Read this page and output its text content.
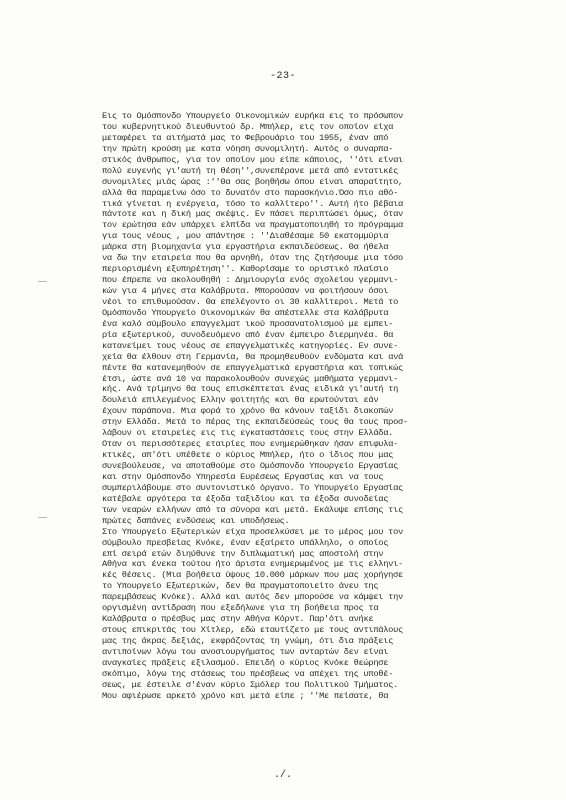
-23-
Εις το Ομόσπονδο Υπουργείο Οικονομικών ευρήκα εις το πρόσωπον
του κυβερνητικού διευθυντού δρ. Μπήλερ, εις τον οποίον είχα
μεταφέρει τα αιτήματά μας το Φεβρουάριο του 1955, έναν από
την πρώτη κρούση με κατα νόηση συνομιλητή. Αυτός ο συναρπα-
στικός άνθρωπος, για τον οποίον μου είπε κάποιος, ''ότι είναι
πολύ ευγενής γι'αυτή τη θέση'',συνεπέρανε μετά από εντατικές
συνομιλίες μιάς ώρας :''Θα σας βοηθήσω όπου είναι απαραίτητο,
αλλά θα παραμείνω όσο το δυνατόν στο παρασκήνιο.Όσο πιο αθό-
τικά γίνεται η ενέργεια, τόσο το καλλίτερο''. Αυτή ήτο βέβαια
πάντοτε και η δική μας σκέψις. Εν πάσει περιπτώσει όμως, όταν
τον ερώτησα εάν υπάρχει ελπίδα να πραγματοποιηθή το πρόγραμμα
για τους νέους , μου απάντησε : ''Διαθέσαμε 50 εκατομμύρια
μάρκα στη βιομηχανία για εργαστήρια εκπαιδεύσεως. Θα ήθελα
να δω την εταιρεία που θα αρνηθή, όταν της ζητήσουμε μια τόσο
περιορισμένη εξυπηρέτηση''. Καθορίσαμε το οριστικό πλαίσιο
που έπρεπε να ακολουθηθή : Δημιουργία ενός σχολείου γερμανι-
κών για 4 μήνες στα Καλάβρυτα. Μπορούσαν να φοιτήσουν όσοι
νέοι το επιθυμούσαν. Θα επελέγοντο οι 30 καλλίτεροι. Μετά το
Ομόσπονδο Υπουργείο Οικονομικών θα απέστελλε στα Καλάβρυτα
ένα καλό σύμβουλο επαγγελματ ικού προσανατολισμού με εμπει-
ρία εξωτερικού, συνοδευόμενο από έναν έμπειρο διερμηνέα. θα
κατανείμει τους νέους σε επαγγελματικές κατηγορίες. Εν συνε-
χεία θα έλθουν στη Γερμανία, θα προμηθευθούν ενδύματα και ανά
πέντε θα κατανεμηθούν σε επαγγελματικά εργαστήρια και τοπικώς
έτσι, ώστε ανά 10 να παρακολουθούν συνεχώς μαθήματα γερμανι-
κής. Ανά τρίμηνο θα τους επισκέπτεται ένας ειδικά γι'αυτή τη
δουλειά επιλεγμένος Ελλην φοιτητής και θα ερωτούνται εάν
έχουν παράπονα. Μια φορά το χρόνο θα κάνουν ταξίδι διακοπών
στην Ελλάδα. Μετά το πέρας της εκπαιδεύσεώς τους θα τους προσ-
λάβουν οι εταιρείες εις τις εγκαταστάσεις τους στην Ελλάδα.
Οταν οι περισσότερες εταιρίες που ενημερώθηκαν ήσαν επιφυλα-
κτικές, απ'ότι υπέθετε ο κύριος Μπήλερ, ήτο ο ίδιος που μας
συνεβούλευσε, να αποταθούμε στο Ομόσπονδο Υπουργείο Εργασίας
και στην Ομόσπονδο Υπηρεσία Ευρέσεως Εργασίας και να τους
συμπεριλάβουμε στο συντονιστικό όργανο. Το Υπουργείο Εργασίας
κατέβαλε αργότερα τα έξοδα ταξιδίου και τα έξοδα συνοδείας
των νεαρών ελλήνων από τα σύνορα και μετά. Εκάλυψε επίσης τις
πρώτες δαπάνες ενδύσεως και υποδήσεως.
Στο Υπουργείο Εξωτερικών είχα προσελκύσει με το μέρος μου τον
σύμβουλο πρεσβείας Κνόκε, έναν εξαίρετο υπάλληλο, ο οποίος
επί σειρά ετών διηύθυνε την διπλωματική μας αποστολή στην
Αθήνα και ένεκα τούτου ήτο άριστα ενημερωμένος με τις ελληνι-
κές θέσεις. (Μια βοήθεια ύψους 10.000 μάρκων που μας χορήγησε
το Υπουργείο Εξωτερικών, δεν θα πραγματοποιείτο άνευ της
παρεμβάσεως Κνόκε). Αλλά και αυτός δεν μπορούσε να κάμψει την
οργισμένη αντίδραση που εξεδήλωνε για τη βοήθεια προς τα
Καλάβρυτα ο πρέσβυς μας στην Αθήνα Κόρντ. Παρ'ότι ανήκε
στους επικριτάς του Χίτλερ, εδώ εταυτίζετο με τους αντιπάλους
μας της άκρας δεξιάς, εκφράζοντας τη γνώμη, ότι δια πράξεις
αντιποίνων λόγω του ανοσιουργήματος των ανταρτών δεν είναι
αναγκαίες πράξεις εξιλασμού. Επειδή ο κύριος Κνόκε θεώρησε
σκόπιμο, λόγω της στάσεως του πρέσβεως να απέχει της υποθέ-
σεως, με έστειλε σ'έναν κύριο Σμόλερ του Πολιτικού Τμήματος.
Μου αφιέρωσε αρκετό χρόνο και μετά είπε ; ''Με πείσατε, θα
./.
